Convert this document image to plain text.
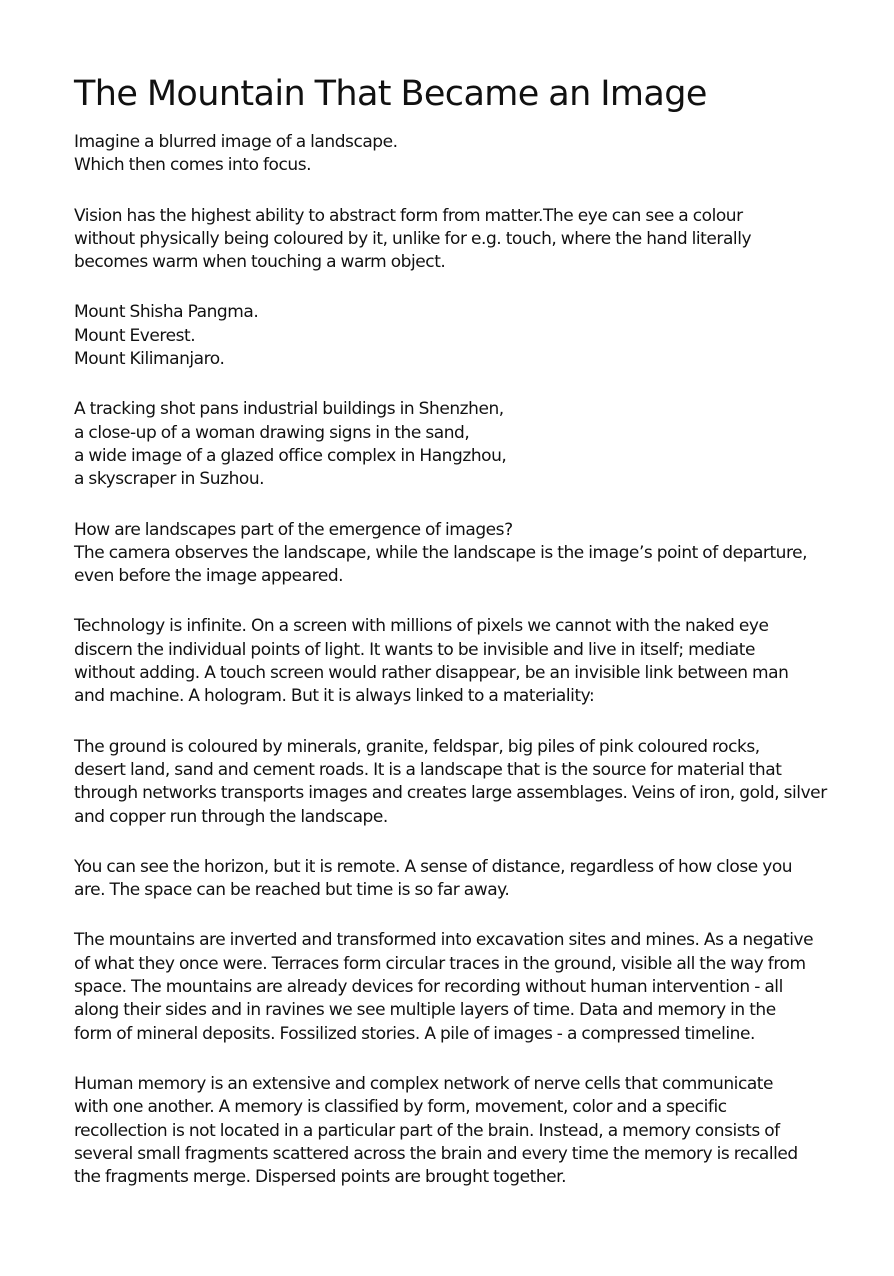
The Mountain That Became an Image

Imagine a blurred image of a landscape.
Which then comes into focus.

Vision has the highest ability to abstract form from matter.The eye can see a colour
without physically being coloured by it, unlike for e.g. touch, where the hand literally
becomes warm when touching a warm object.

Mount Shisha Pangma.
Mount Everest.
Mount Kilimanjaro.

A tracking shot pans industrial buildings in Shenzhen,
a close-up of a woman drawing signs in the sand,
a wide image of a glazed office complex in Hangzhou,
a skyscraper in Suzhou.

How are landscapes part of the emergence of images?
The camera observes the landscape, while the landscape is the image’s point of departure,
even before the image appeared.

Technology is infinite. On a screen with millions of pixels we cannot with the naked eye
discern the individual points of light. It wants to be invisible and live in itself; mediate
without adding. A touch screen would rather disappear, be an invisible link between man
and machine. A hologram. But it is always linked to a materiality:

The ground is coloured by minerals, granite, feldspar, big piles of pink coloured rocks,
desert land, sand and cement roads. It is a landscape that is the source for material that
through networks transports images and creates large assemblages. Veins of iron, gold, silver
and copper run through the landscape.

You can see the horizon, but it is remote. A sense of distance, regardless of how close you
are. The space can be reached but time is so far away.

The mountains are inverted and transformed into excavation sites and mines. As a negative
of what they once were. Terraces form circular traces in the ground, visible all the way from
space. The mountains are already devices for recording without human intervention - all
along their sides and in ravines we see multiple layers of time. Data and memory in the
form of mineral deposits. Fossilized stories. A pile of images - a compressed timeline.

Human memory is an extensive and complex network of nerve cells that communicate
with one another. A memory is classified by form, movement, color and a specific
recollection is not located in a particular part of the brain. Instead, a memory consists of
several small fragments scattered across the brain and every time the memory is recalled
the fragments merge. Dispersed points are brought together.
